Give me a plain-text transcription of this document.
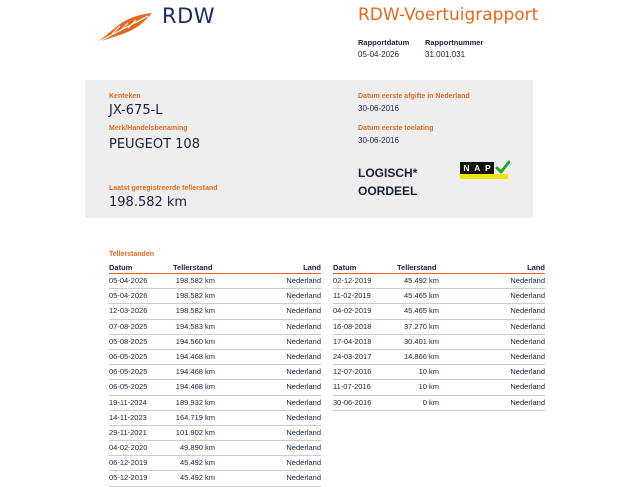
RDW	RDW-Voertuigrapport
Rapportdatum Rapportnummer
05-04-2026	31.001.031
Kenteken
JX-675-L
Merk/Handelsbenaming
PEUGEOT 108
Laatst geregistreerde tellerstand
198.582 km
Datum eerste afgifte in Nederland
30-06-2016
Datum eerste toelating
30-06-2016
LOGISCH*
OORDEEL
N A P
Tellerstanden
Datum	Tellerstand	Land
05-04-2026	198.582 km	Nederland
05-04-2026	198.582 km	Nederland
12-03-2026	198.582 km	Nederland
07-08-2025	194.583 km	Nederland
05-08-2025	194.560 km	Nederland
06-05-2025	194.468 km	Nederland
06-05-2025	194.468 km	Nederland
06-05-2025	194.468 km	Nederland
19-11-2024	189.932 km	Nederland
14-11-2023	164.719 km	Nederland
29-11-2021	101.902 km	Nederland
04-02-2020	49.890 km	Nederland
06-12-2019	45.492 km	Nederland
05-12-2019	45.492 km	Nederland
Datum	Tellerstand	Land
02-12-2019	45.492 km	Nederland
11-02-2019	45.465 km	Nederland
04-02-2019	45.465 km	Nederland
16-08-2018	37.270 km	Nederland
17-04-2018	30.401 km	Nederland
24-03-2017	14.866 km	Nederland
12-07-2016	10 km	Nederland
11-07-2016	10 km	Nederland
30-06-2016	0 km	Nederland
